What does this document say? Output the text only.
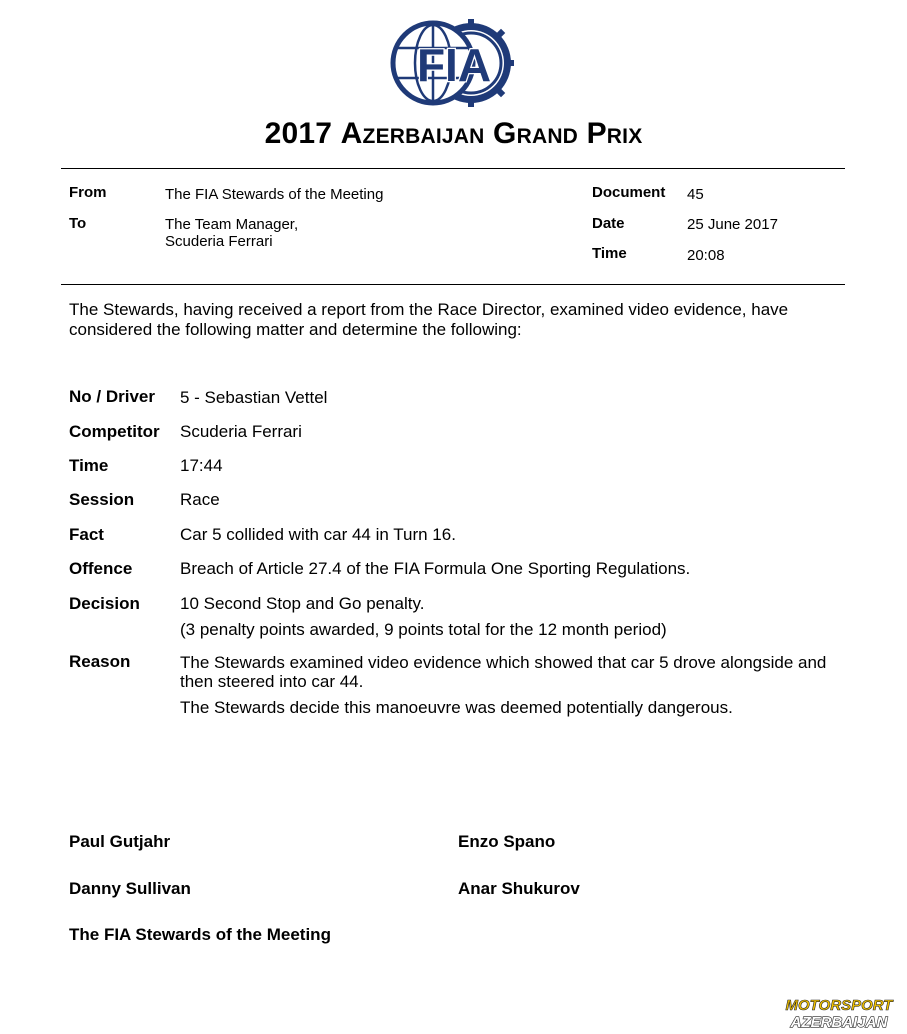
FIA
2017 Azerbaijan Grand Prix
From	The FIA Stewards of the Meeting
To	The Team Manager,
Scuderia Ferrari
Document 45
Date	25 June 2017
Time	20:08
The Stewards, having received a report from the Race Director, examined video evidence, have
considered the following matter and determine the following:
No / Driver 5 - Sebastian Vettel
Competitor Scuderia Ferrari
Time	17:44
Session	Race
Fact	Car 5 collided with car 44 in Turn 16.
Offence	Breach of Article 27.4 of the FIA Formula One Sporting Regulations.
Decision 10 Second Stop and Go penalty.
(3 penalty points awarded, 9 points total for the 12 month period)
Reason	The Stewards examined video evidence which showed that car 5 drove alongside and
then steered into car 44.
The Stewards decide this manoeuvre was deemed potentially dangerous.
Paul Gutjahr	Enzo Spano
Danny Sullivan	Anar Shukurov
The FIA Stewards of the Meeting
MOTORSPORT
AZERBAIJAN
